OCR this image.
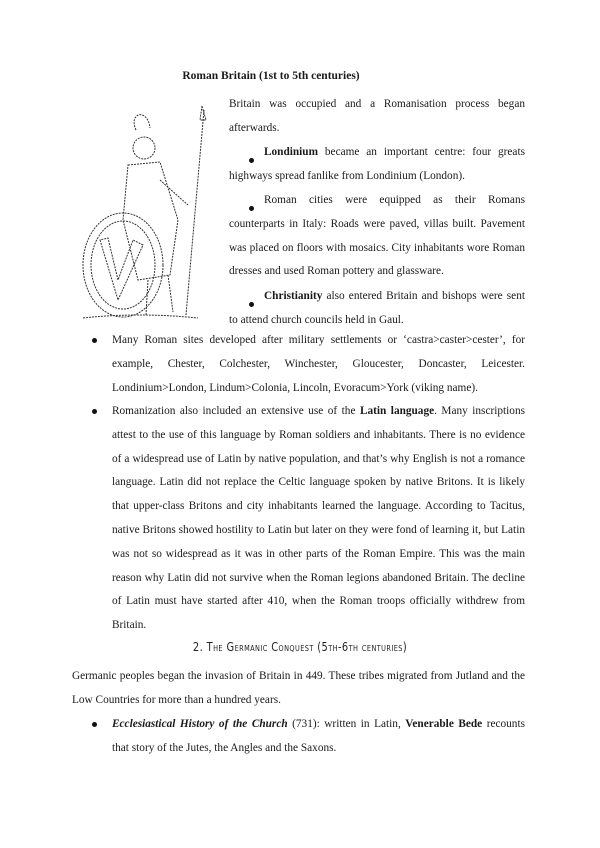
Roman Britain (1st to 5th centuries)
Britain was occupied and a Romanisation process began afterwards.
Londinium became an important centre: four greats highways spread fanlike from Londinium (London).
Roman cities were equipped as their Romans counterparts in Italy: Roads were paved, villas built. Pavement was placed on floors with mosaics. City inhabitants wore Roman dresses and used Roman pottery and glassware.
Christianity also entered Britain and bishops were sent to attend church councils held in Gaul.
Many Roman sites developed after military settlements or ‘castra>caster>cester’, for example, Chester, Colchester, Winchester, Gloucester, Doncaster, Leicester. Londinium>London, Lindum>Colonia, Lincoln, Evoracum>York (viking name).
Romanization also included an extensive use of the Latin language. Many inscriptions attest to the use of this language by Roman soldiers and inhabitants. There is no evidence of a widespread use of Latin by native population, and that’s why English is not a romance language. Latin did not replace the Celtic language spoken by native Britons. It is likely that upper-class Britons and city inhabitants learned the language. According to Tacitus, native Britons showed hostility to Latin but later on they were fond of learning it, but Latin was not so widespread as it was in other parts of the Roman Empire. This was the main reason why Latin did not survive when the Roman legions abandoned Britain. The decline of Latin must have started after 410, when the Roman troops officially withdrew from Britain.
2. The Germanic Conquest (5th-6th centuries)
Germanic peoples began the invasion of Britain in 449. These tribes migrated from Jutland and the Low Countries for more than a hundred years.
Ecclesiastical History of the Church (731): written in Latin, Venerable Bede recounts that story of the Jutes, the Angles and the Saxons.
